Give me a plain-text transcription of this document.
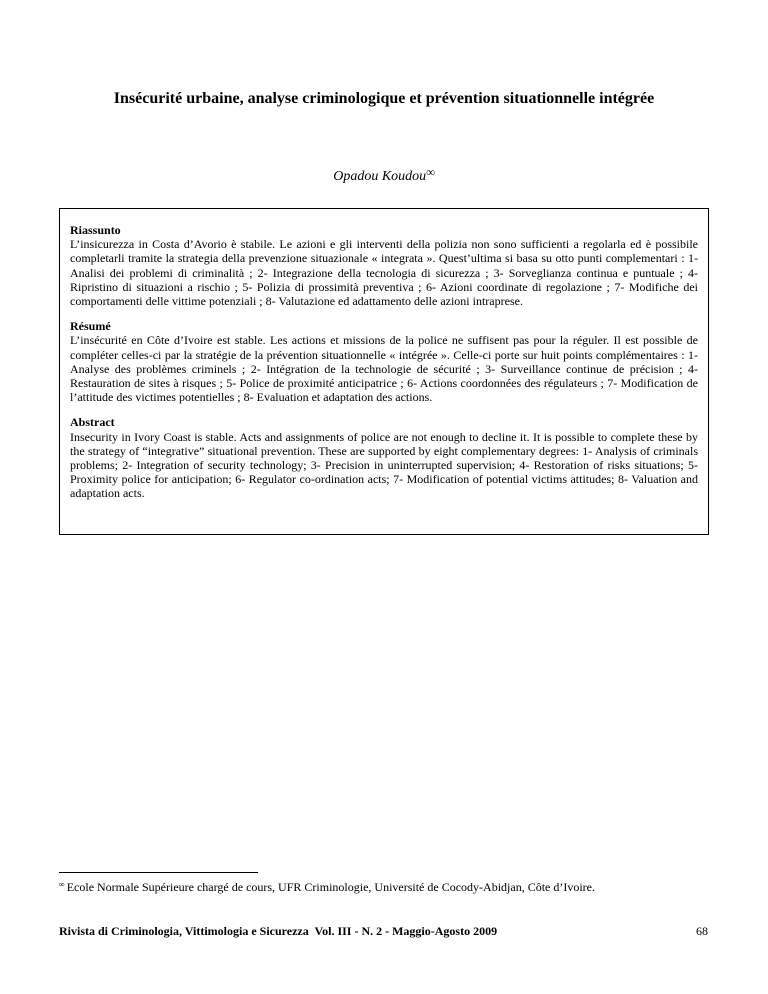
Insécurité urbaine, analyse criminologique et prévention situationnelle intégrée

Opadou Koudou∞

Riassunto

L’insicurezza in Costa d’Avorio è stabile. Le azioni e gli interventi della polizia non sono sufficienti a regolarla ed è possibile completarli tramite la strategia della prevenzione situazionale « integrata ». Quest’ultima si basa su otto punti complementari : 1- Analisi dei problemi di criminalità ; 2- Integrazione della tecnologia di sicurezza ; 3- Sorveglianza continua e puntuale ; 4- Ripristino di situazioni a rischio ; 5- Polizia di prossimità preventiva ; 6- Azioni coordinate di regolazione ; 7- Modifiche dei comportamenti delle vittime potenziali ; 8- Valutazione ed adattamento delle azioni intraprese.

Résumé

L’insécurité en Côte d’Ivoire est stable. Les actions et missions de la police ne suffisent pas pour la réguler. Il est possible de compléter celles-ci par la stratégie de la prévention situationnelle « intégrée ». Celle-ci porte sur huit points complémentaires : 1- Analyse des problèmes criminels ; 2- Intégration de la technologie de sécurité ; 3- Surveillance continue de précision ; 4- Restauration de sites à risques ; 5- Police de proximité anticipatrice ; 6- Actions coordonnées des régulateurs ; 7- Modification de l’attitude des victimes potentielles ; 8- Evaluation et adaptation des actions.

Abstract

Insecurity in Ivory Coast is stable. Acts and assignments of police are not enough to decline it. It is possible to complete these by the strategy of “integrative” situational prevention. These are supported by eight complementary degrees: 1- Analysis of criminals problems; 2- Integration of security technology; 3- Precision in uninterrupted supervision; 4- Restoration of risks situations; 5- Proximity police for anticipation; 6- Regulator co-ordination acts; 7- Modification of potential victims attitudes; 8- Valuation and adaptation acts.

∞ Ecole Normale Supérieure chargé de cours, UFR Criminologie, Université de Cocody-Abidjan, Côte d’Ivoire.

Rivista di Criminologia, Vittimologia e Sicurezza  Vol. III - N. 2 - Maggio-Agosto 2009	68
